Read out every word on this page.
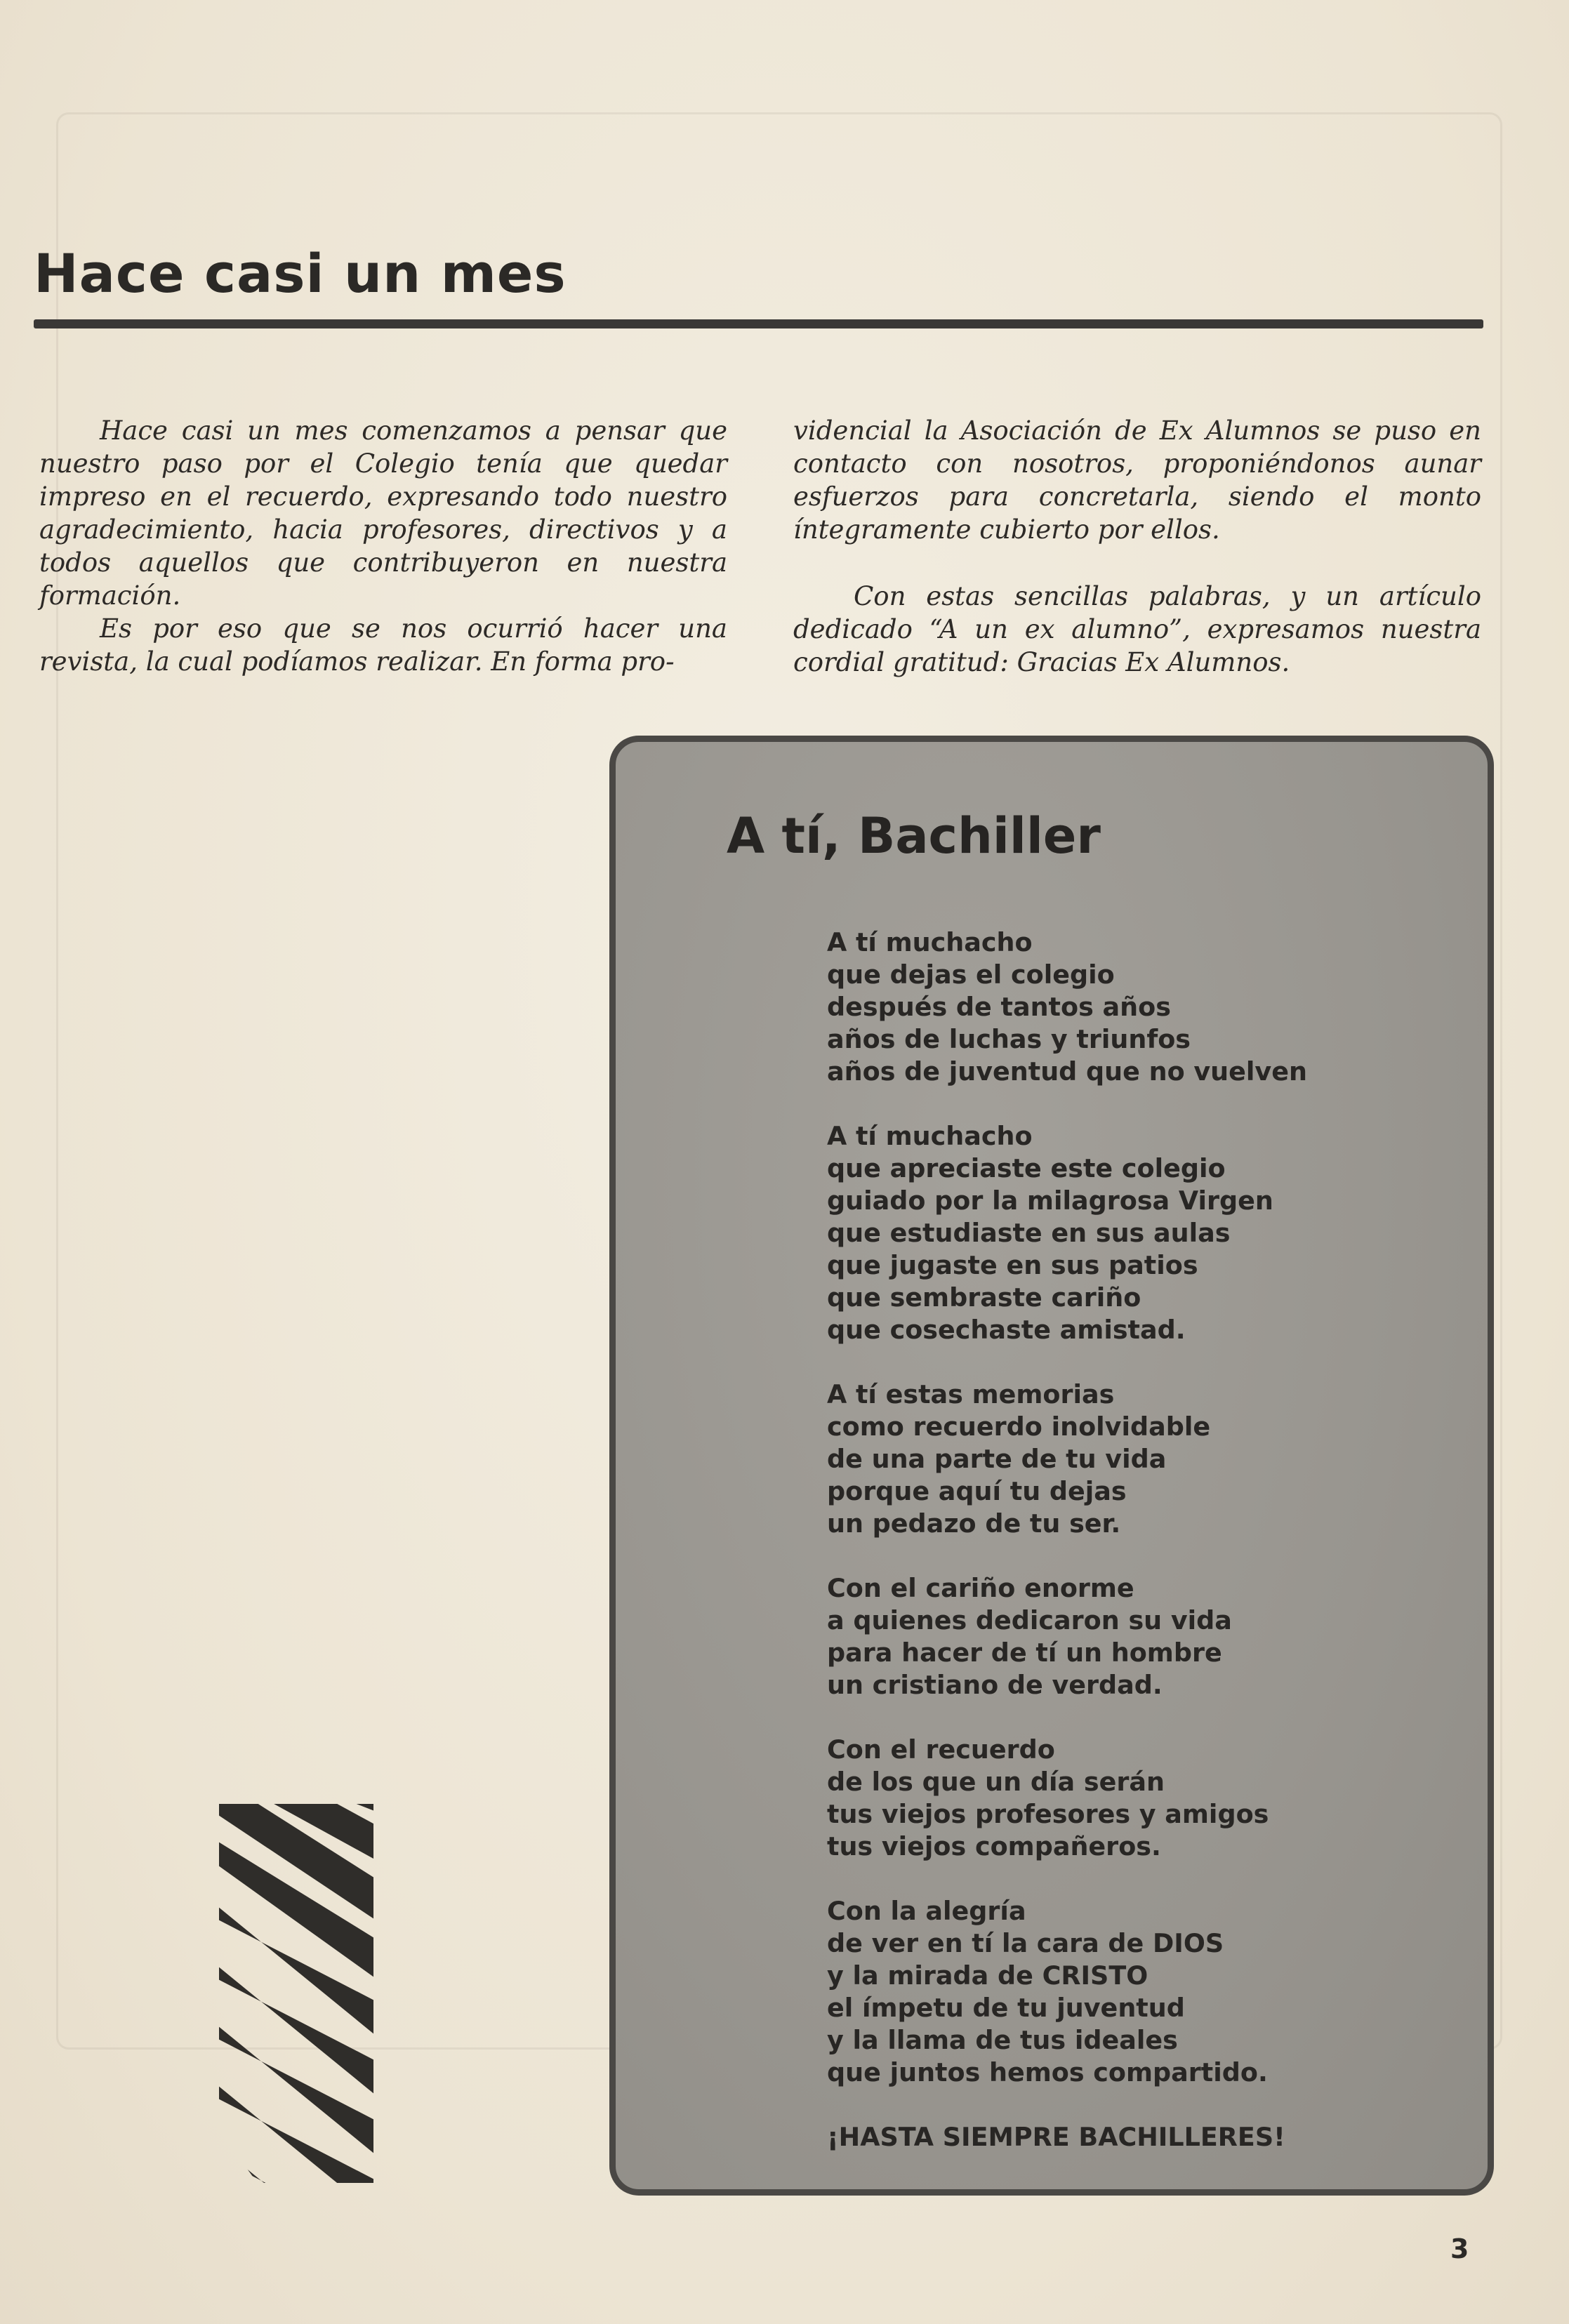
Hace casi un mes

Hace casi un mes comenzamos a pensar que nuestro paso por el Colegio tenía que quedar impreso en el recuerdo, expresando todo nuestro agradecimiento, hacia profesores, directivos y a todos aquellos que contribuyeron en nuestra formación.

Es por eso que se nos ocurrió hacer una revista, la cual podíamos realizar. En forma pro-

videncial la Asociación de Ex Alumnos se puso en contacto con nosotros, proponiéndonos aunar esfuerzos para concretarla, siendo el monto íntegramente cubierto por ellos.

Con estas sencillas palabras, y un artículo dedicado “A un ex alumno”, expresamos nuestra cordial gratitud: Gracias Ex Alumnos.

A tí, Bachiller
A tí muchacho
que dejas el colegio
después de tantos años
años de luchas y triunfos
años de juventud que no vuelven
A tí muchacho
que apreciaste este colegio
guiado por la milagrosa Virgen
que estudiaste en sus aulas
que jugaste en sus patios
que sembraste cariño
que cosechaste amistad.
A tí estas memorias
como recuerdo inolvidable
de una parte de tu vida
porque aquí tu dejas
un pedazo de tu ser.
Con el cariño enorme
a quienes dedicaron su vida
para hacer de tí un hombre
un cristiano de verdad.
Con el recuerdo
de los que un día serán
tus viejos profesores y amigos
tus viejos compañeros.
Con la alegría
de ver en tí la cara de DIOS
y la mirada de CRISTO
el ímpetu de tu juventud
y la llama de tus ideales
que juntos hemos compartido.
¡HASTA SIEMPRE BACHILLERES!
3
